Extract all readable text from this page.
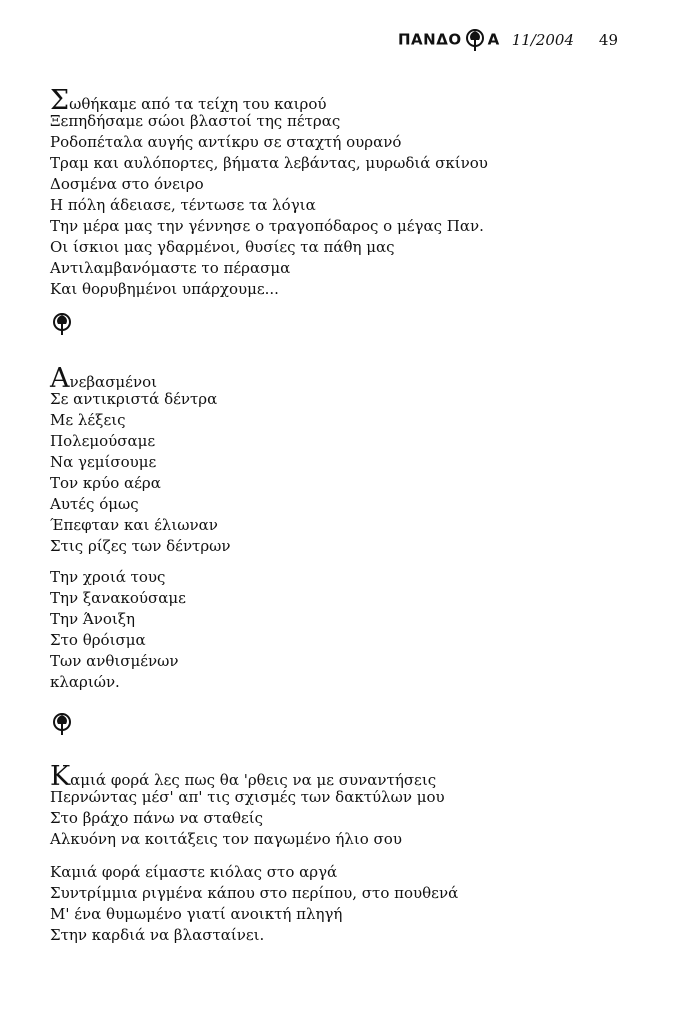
ΠΑΝΔΟ Α 11/2004 49
Σωθήκαμε από τα τείχη του καιρού
Ξεπηδήσαμε σώοι βλαστοί της πέτρας
Ροδοπέταλα αυγής αντίκρυ σε σταχτή ουρανό
Τραμ και αυλόπορτες, βήματα λεβάντας, μυρωδιά σκίνου
Δοσμένα στο όνειρο
Η πόλη άδειασε, τέντωσε τα λόγια
Την μέρα μας την γέννησε ο τραγοπόδαρος ο μέγας Παν.
Οι ίσκιοι μας γδαρμένοι, θυσίες τα πάθη μας
Αντιλαμβανόμαστε το πέρασμα
Και θορυβημένοι υπάρχουμε...
Ανεβασμένοι
Σε αντικριστά δέντρα
Με λέξεις
Πολεμούσαμε
Να γεμίσουμε
Τον κρύο αέρα
Αυτές όμως
Έπεφταν και έλιωναν
Στις ρίζες των δέντρων
Την χροιά τους
Την ξανακούσαμε
Την Άνοιξη
Στο θρόισμα
Των ανθισμένων
κλαριών.
Καμιά φορά λες πως θα 'ρθεις να με συναντήσεις
Περνώντας μέσ' απ' τις σχισμές των δακτύλων μου
Στο βράχο πάνω να σταθείς
Αλκυόνη να κοιτάξεις τον παγωμένο ήλιο σου
Καμιά φορά είμαστε κιόλας στο αργά
Συντρίμμια ριγμένα κάπου στο περίπου, στο πουθενά
Μ' ένα θυμωμένο γιατί ανοικτή πληγή
Στην καρδιά να βλασταίνει.
